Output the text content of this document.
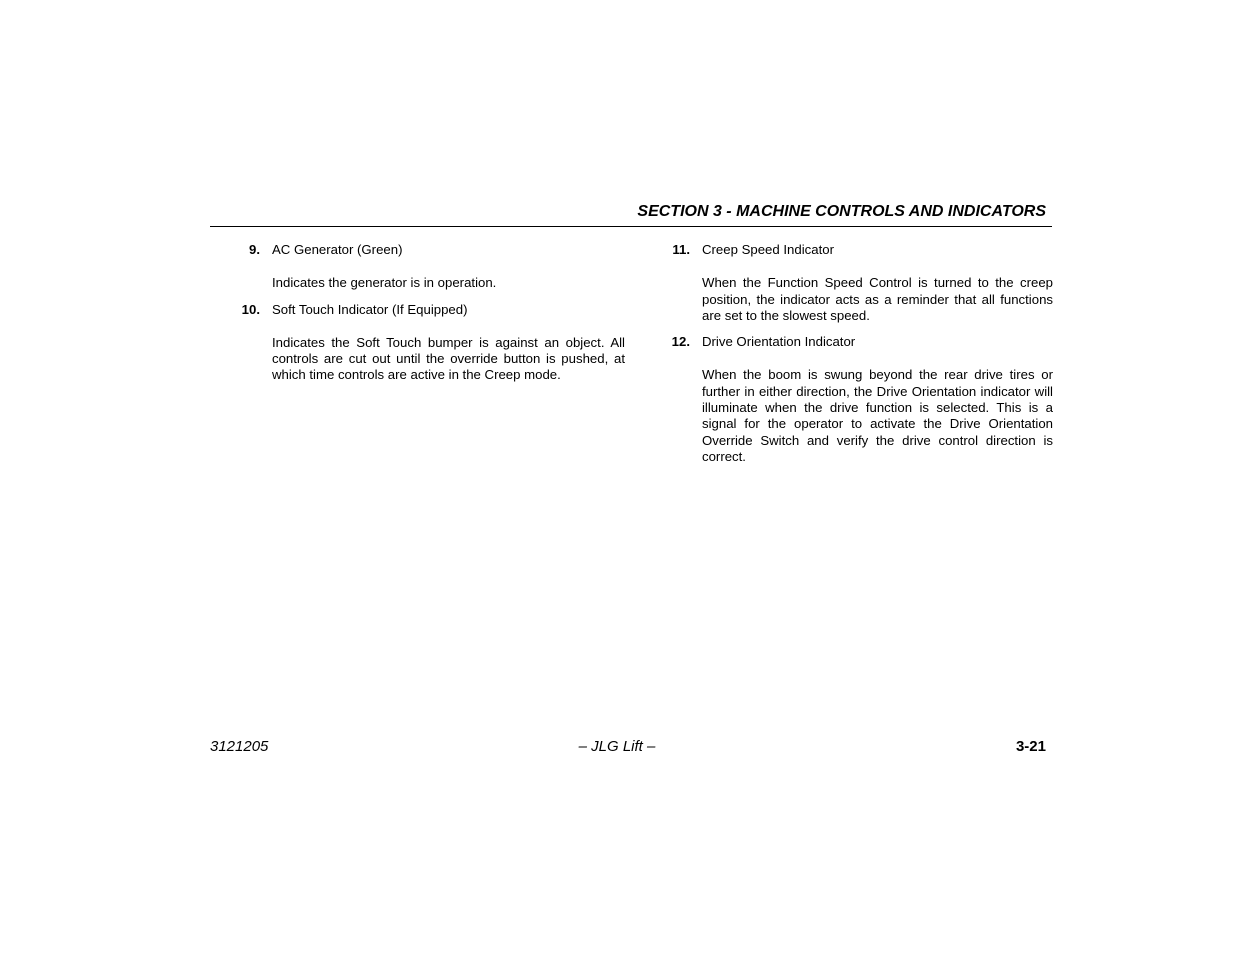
SECTION 3 - MACHINE CONTROLS AND INDICATORS
9. AC Generator (Green)

Indicates the generator is in operation.

10. Soft Touch Indicator (If Equipped)

Indicates the Soft Touch bumper is against an object. All controls are cut out until the override button is pushed, at which time controls are active in the Creep mode.

11. Creep Speed Indicator

When the Function Speed Control is turned to the creep position, the indicator acts as a reminder that all functions are set to the slowest speed.

12. Drive Orientation Indicator

When the boom is swung beyond the rear drive tires or further in either direction, the Drive Orientation indicator will illuminate when the drive function is selected. This is a signal for the operator to activate the Drive Orientation Override Switch and verify the drive control direction is correct.

3121205	– JLG Lift –	3-21
